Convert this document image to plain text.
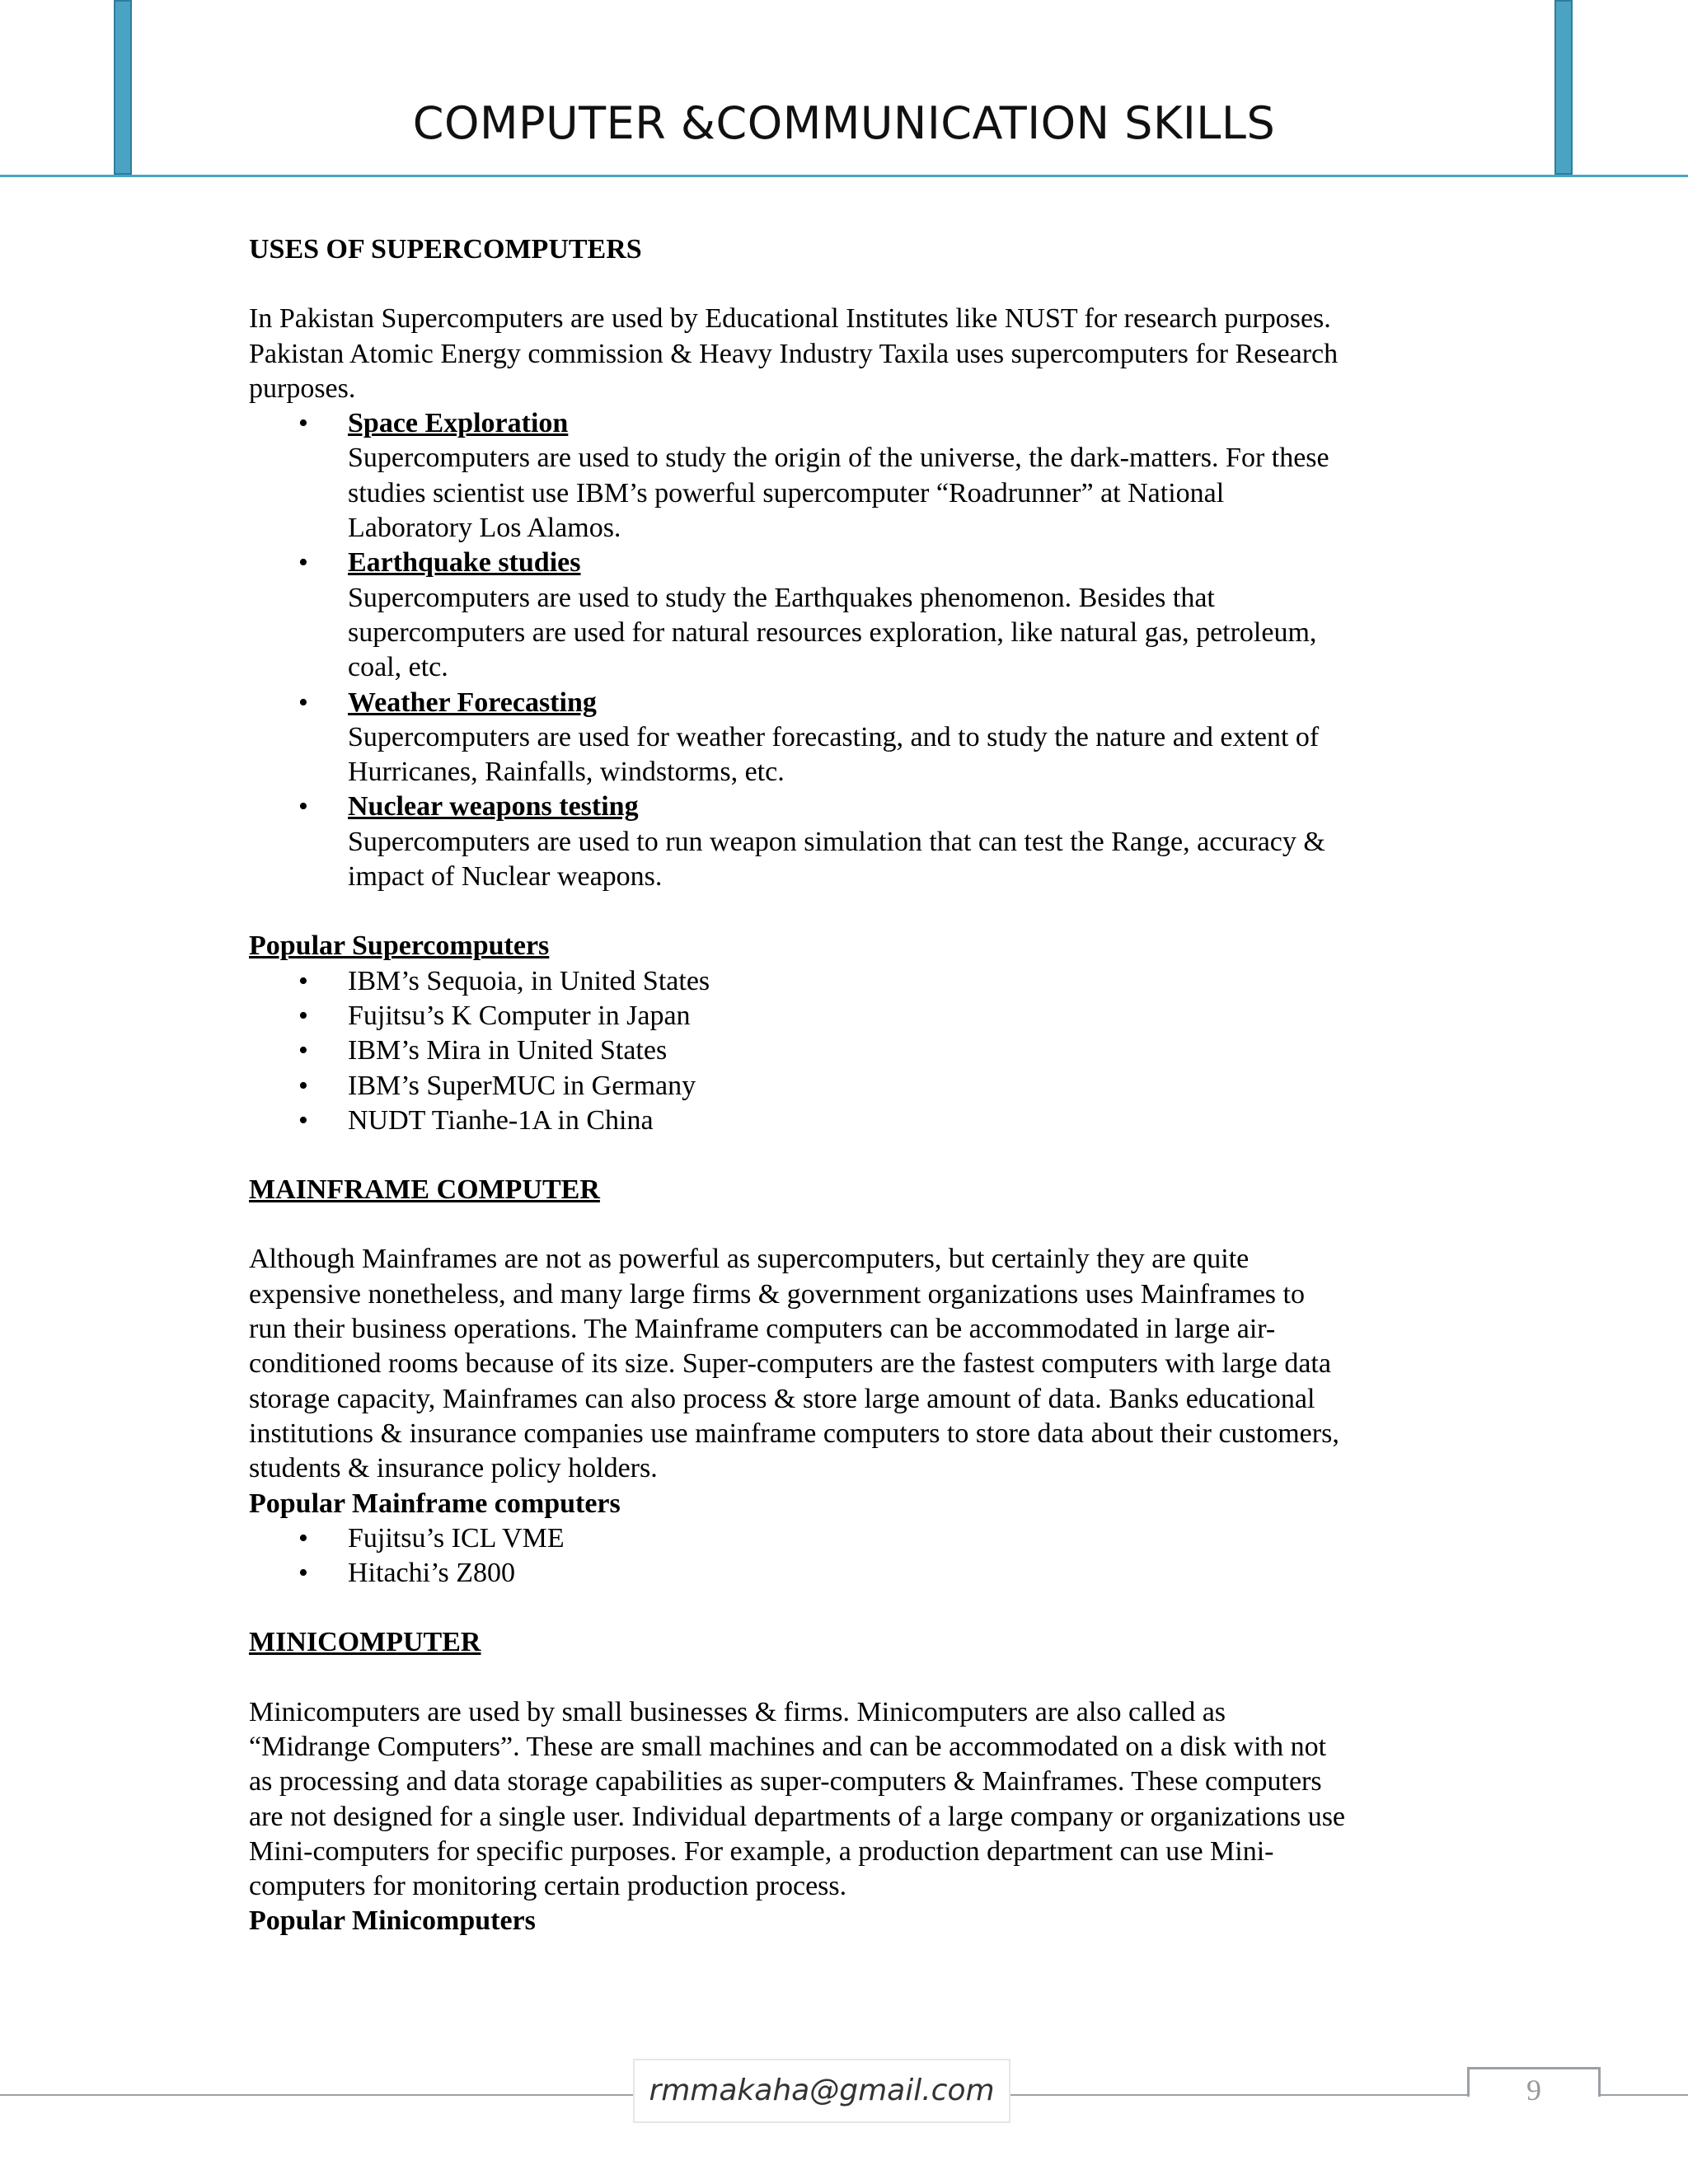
COMPUTER &COMMUNICATION SKILLS

USES OF SUPERCOMPUTERS

In Pakistan Supercomputers are used by Educational Institutes like NUST for research purposes.

Pakistan Atomic Energy commission & Heavy Industry Taxila uses supercomputers for Research

purposes.

• Space Exploration

Supercomputers are used to study the origin of the universe, the dark-matters. For these

studies scientist use IBM’s powerful supercomputer “Roadrunner” at National

Laboratory Los Alamos.

• Earthquake studies

Supercomputers are used to study the Earthquakes phenomenon. Besides that

supercomputers are used for natural resources exploration, like natural gas, petroleum,

coal, etc.

• Weather Forecasting

Supercomputers are used for weather forecasting, and to study the nature and extent of

Hurricanes, Rainfalls, windstorms, etc.

• Nuclear weapons testing

Supercomputers are used to run weapon simulation that can test the Range, accuracy &

impact of Nuclear weapons.

Popular Supercomputers

• IBM’s Sequoia, in United States
• Fujitsu’s K Computer in Japan
• IBM’s Mira in United States
• IBM’s SuperMUC in Germany
• NUDT Tianhe-1A in China

MAINFRAME COMPUTER

Although Mainframes are not as powerful as supercomputers, but certainly they are quite

expensive nonetheless, and many large firms & government organizations uses Mainframes to

run their business operations. The Mainframe computers can be accommodated in large air-

conditioned rooms because of its size. Super-computers are the fastest computers with large data

storage capacity, Mainframes can also process & store large amount of data. Banks educational

institutions & insurance companies use mainframe computers to store data about their customers,

students & insurance policy holders.

Popular Mainframe computers

• Fujitsu’s ICL VME
• Hitachi’s Z800

MINICOMPUTER

Minicomputers are used by small businesses & firms. Minicomputers are also called as

“Midrange Computers”. These are small machines and can be accommodated on a disk with not

as processing and data storage capabilities as super-computers & Mainframes. These computers

are not designed for a single user. Individual departments of a large company or organizations use

Mini-computers for specific purposes. For example, a production department can use Mini-

computers for monitoring certain production process.

Popular Minicomputers

rmmakaha@gmail.com	9
